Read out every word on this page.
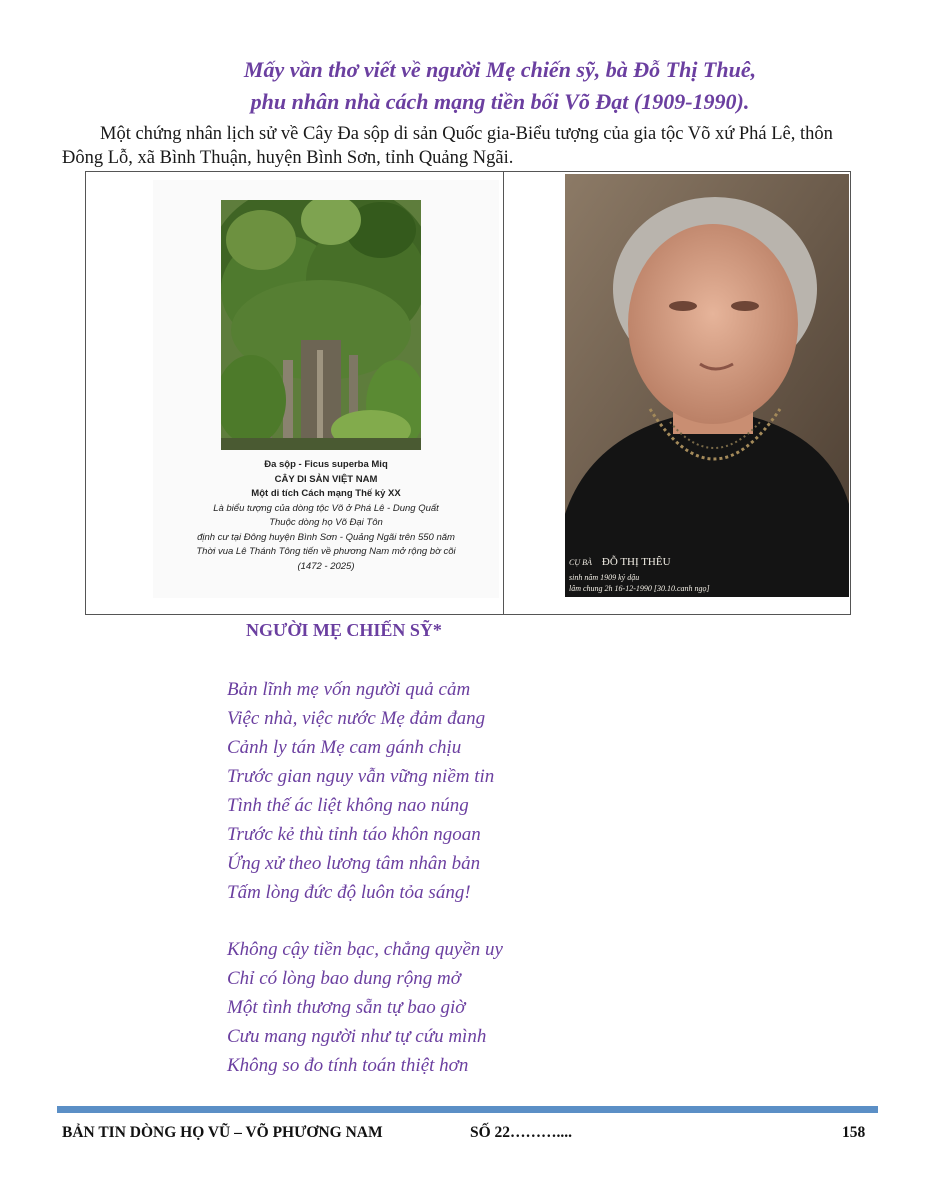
Mấy vần thơ viết về người Mẹ chiến sỹ, bà Đỗ Thị Thuê,
phu nhân nhà cách mạng tiền bối Võ Đạt (1909-1990).
Một chứng nhân lịch sử về Cây Đa sộp di sản Quốc gia-Biểu tượng của gia tộc Võ xứ Phá Lê, thôn Đông Lỗ, xã Bình Thuận, huyện Bình Sơn, tỉnh Quảng Ngãi.
Đa sộp - Ficus superba Miq
CÂY DI SẢN VIỆT NAM
Một di tích Cách mạng Thế kỷ XX
Là biểu tượng của dòng tộc Võ ở Phá Lê - Dung Quất
Thuộc dòng họ Võ Đại Tôn
định cư tại Đông huyện Bình Sơn - Quảng Ngãi trên 550 năm
Thời vua Lê Thánh Tông tiến về phương Nam mở rộng bờ cõi
(1472 - 2025)	CỤ BÀ ĐỖ THỊ THÊU
sinh năm 1909 kỷ dậu
lâm chung 2h 16-12-1990 [30.10.canh ngọ]
NGƯỜI MẸ CHIẾN SỸ*
Bản lĩnh mẹ vốn người quả cảm
Việc nhà, việc nước Mẹ đảm đang
Cảnh ly tán Mẹ cam gánh chịu
Trước gian nguy vẫn vững niềm tin
Tình thế ác liệt không nao núng
Trước kẻ thù tỉnh táo khôn ngoan
Ứng xử theo lương tâm nhân bản
Tấm lòng đức độ luôn tỏa sáng!
Không cậy tiền bạc, chẳng quyền uy
Chỉ có lòng bao dung rộng mở
Một tình thương sẵn tự bao giờ
Cưu mang người như tự cứu mình
Không so đo tính toán thiệt hơn
BẢN TIN DÒNG HỌ VŨ – VÕ PHƯƠNG NAM	SỐ 22………....	158
